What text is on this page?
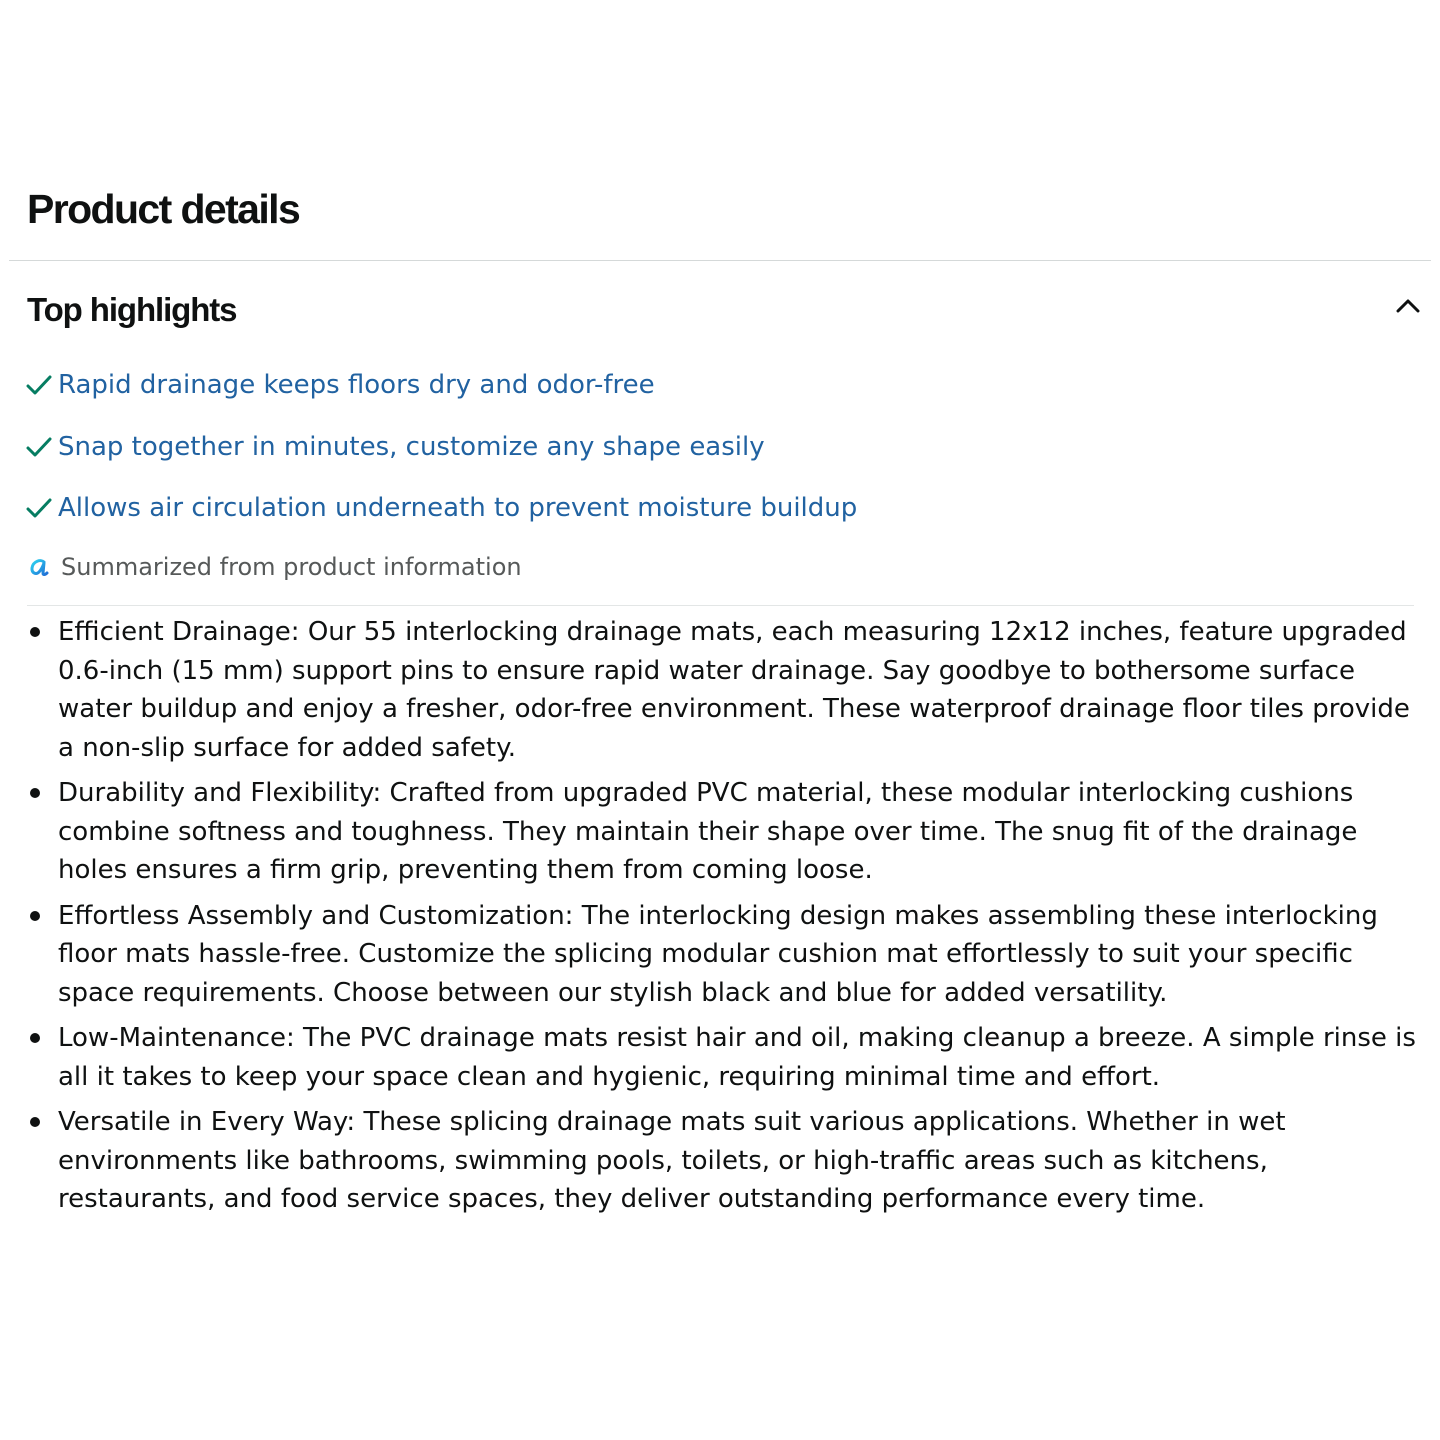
Product details
Top highlights
Rapid drainage keeps floors dry and odor-free
Snap together in minutes, customize any shape easily
Allows air circulation underneath to prevent moisture buildup
Summarized from product information
Efficient Drainage: Our 55 interlocking drainage mats, each measuring 12x12 inches, feature upgraded 0.6-inch (15 mm) support pins to ensure rapid water drainage. Say goodbye to bothersome surface water buildup and enjoy a fresher, odor-free environment. These waterproof drainage floor tiles provide a non-slip surface for added safety.
Durability and Flexibility: Crafted from upgraded PVC material, these modular interlocking cushions combine softness and toughness. They maintain their shape over time. The snug fit of the drainage holes ensures a firm grip, preventing them from coming loose.
Effortless Assembly and Customization: The interlocking design makes assembling these interlocking floor mats hassle-free. Customize the splicing modular cushion mat effortlessly to suit your specific space requirements. Choose between our stylish black and blue for added versatility.
Low-Maintenance: The PVC drainage mats resist hair and oil, making cleanup a breeze. A simple rinse is all it takes to keep your space clean and hygienic, requiring minimal time and effort.
Versatile in Every Way: These splicing drainage mats suit various applications. Whether in wet environments like bathrooms, swimming pools, toilets, or high-traffic areas such as kitchens, restaurants, and food service spaces, they deliver outstanding performance every time.
